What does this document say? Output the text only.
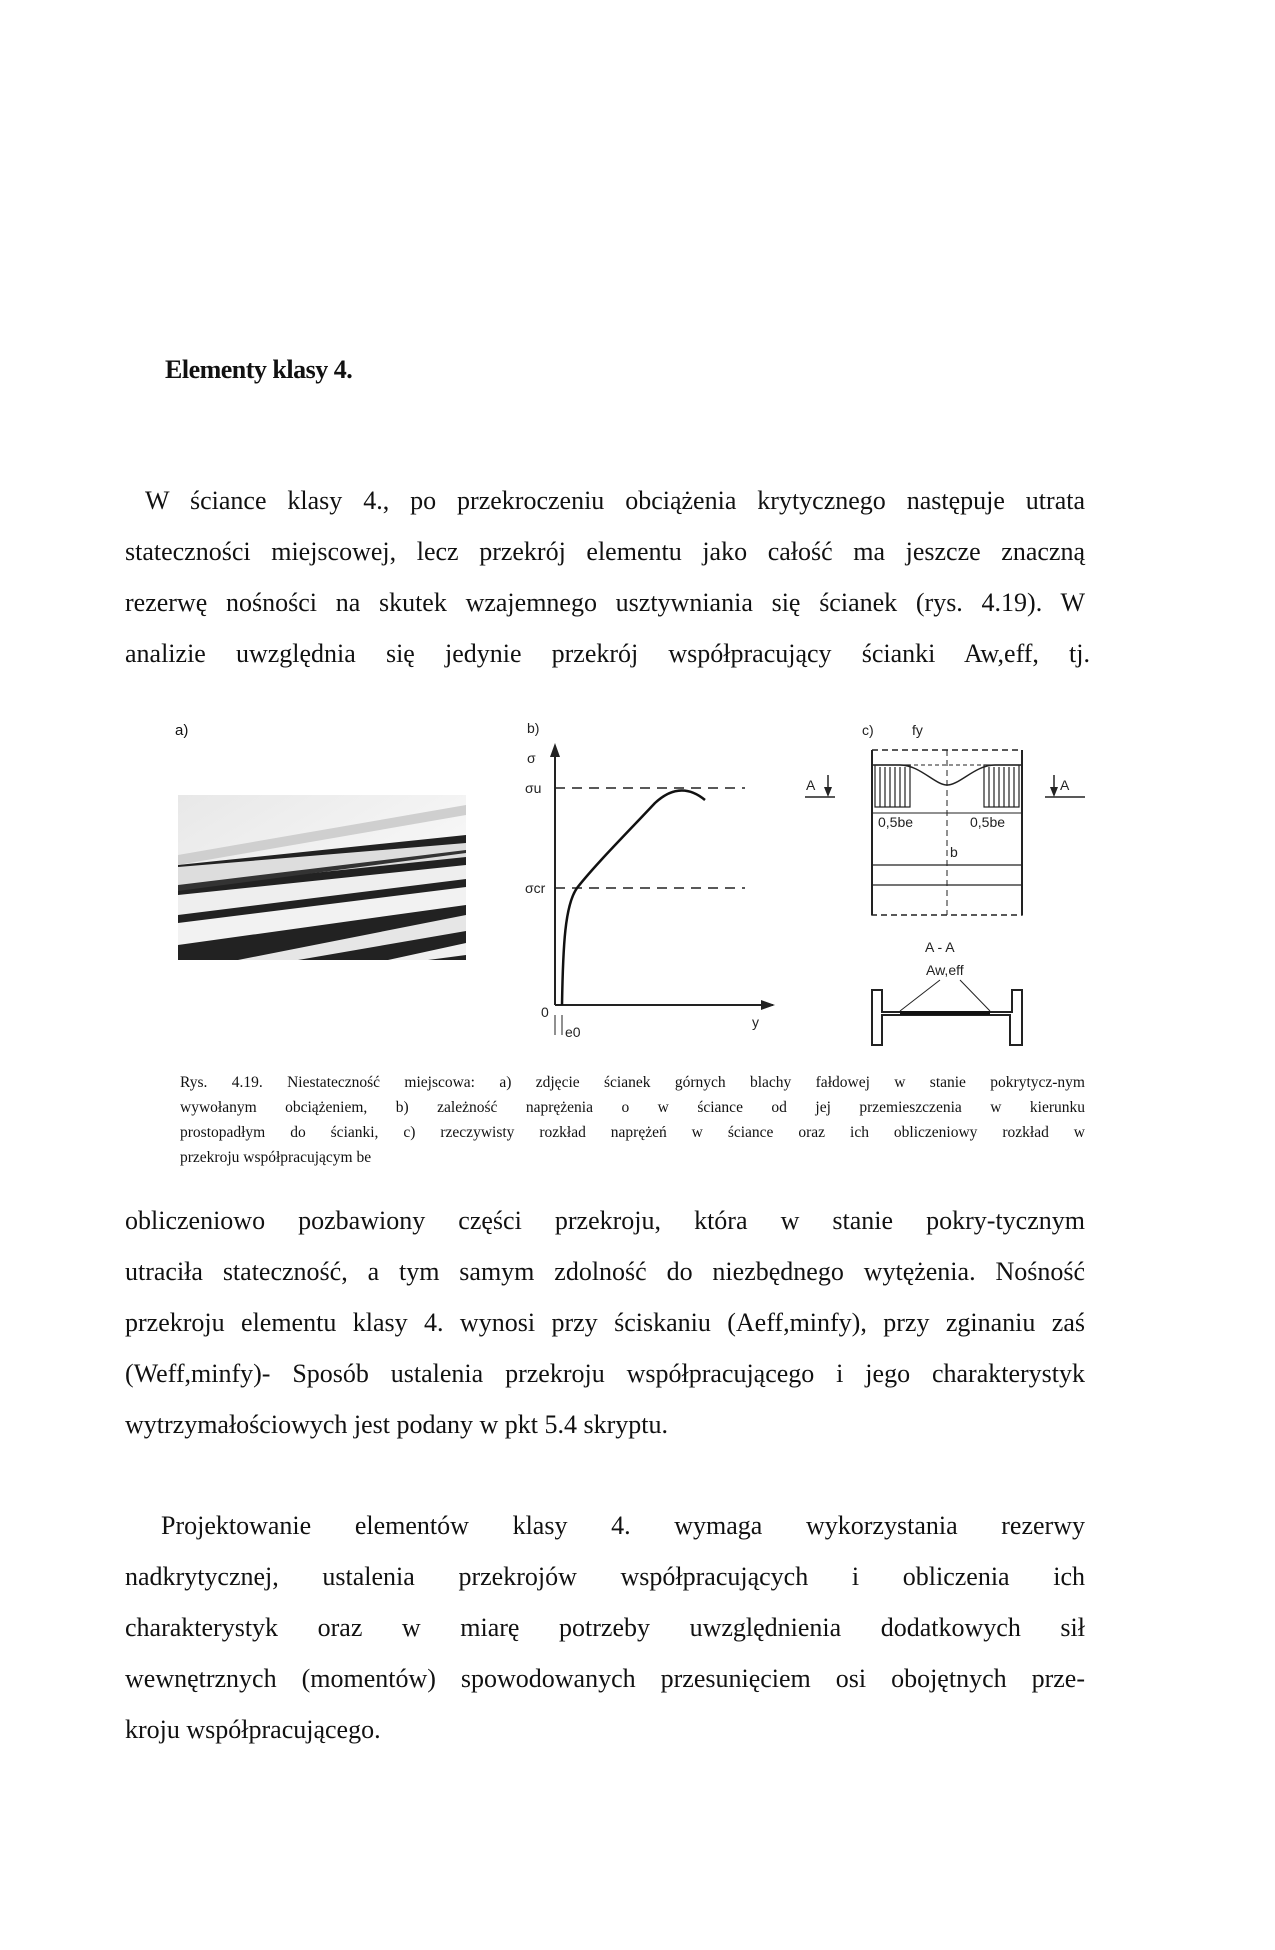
Elementy klasy 4.
W ściance klasy 4., po przekroczeniu obciążenia krytycznego następuje utrata
stateczności miejscowej, lecz przekrój elementu jako całość ma jeszcze znaczną
rezerwę nośności na skutek wzajemnego usztywniania się ścianek (rys. 4.19). W
analizie uwzględnia się jedynie przekrój współpracujący ścianki Aw,eff, tj.
a)	b)
σ
σu
σcr
0
e0
y
c)	fy
A	A
0,5be	0,5be
b
A - A
Aw,eff
Rys. 4.19. Niestateczność miejscowa: a) zdjęcie ścianek górnych blachy fałdowej w stanie pokrytycz-nym
wywołanym obciążeniem, b) zależność naprężenia o w ściance od jej przemieszczenia w kierunku
prostopadłym do ścianki, c) rzeczywisty rozkład naprężeń w ściance oraz ich obliczeniowy rozkład w
przekroju współpracującym be
obliczeniowo pozbawiony części przekroju, która w stanie pokry-tycznym
utraciła stateczność, a tym samym zdolność do niezbędnego wytężenia. Nośność
przekroju elementu klasy 4. wynosi przy ściskaniu (Aeff,minfy), przy zginaniu zaś
(Weff,minfy)- Sposób ustalenia przekroju współpracującego i jego charakterystyk
wytrzymałościowych jest podany w pkt 5.4 skryptu.
Projektowanie elementów klasy 4. wymaga wykorzystania rezerwy
nadkrytycznej, ustalenia przekrojów współpracujących i obliczenia ich
charakterystyk oraz w miarę potrzeby uwzględnienia dodatkowych sił
wewnętrznych (momentów) spowodowanych przesunięciem osi obojętnych prze-
kroju współpracującego.
